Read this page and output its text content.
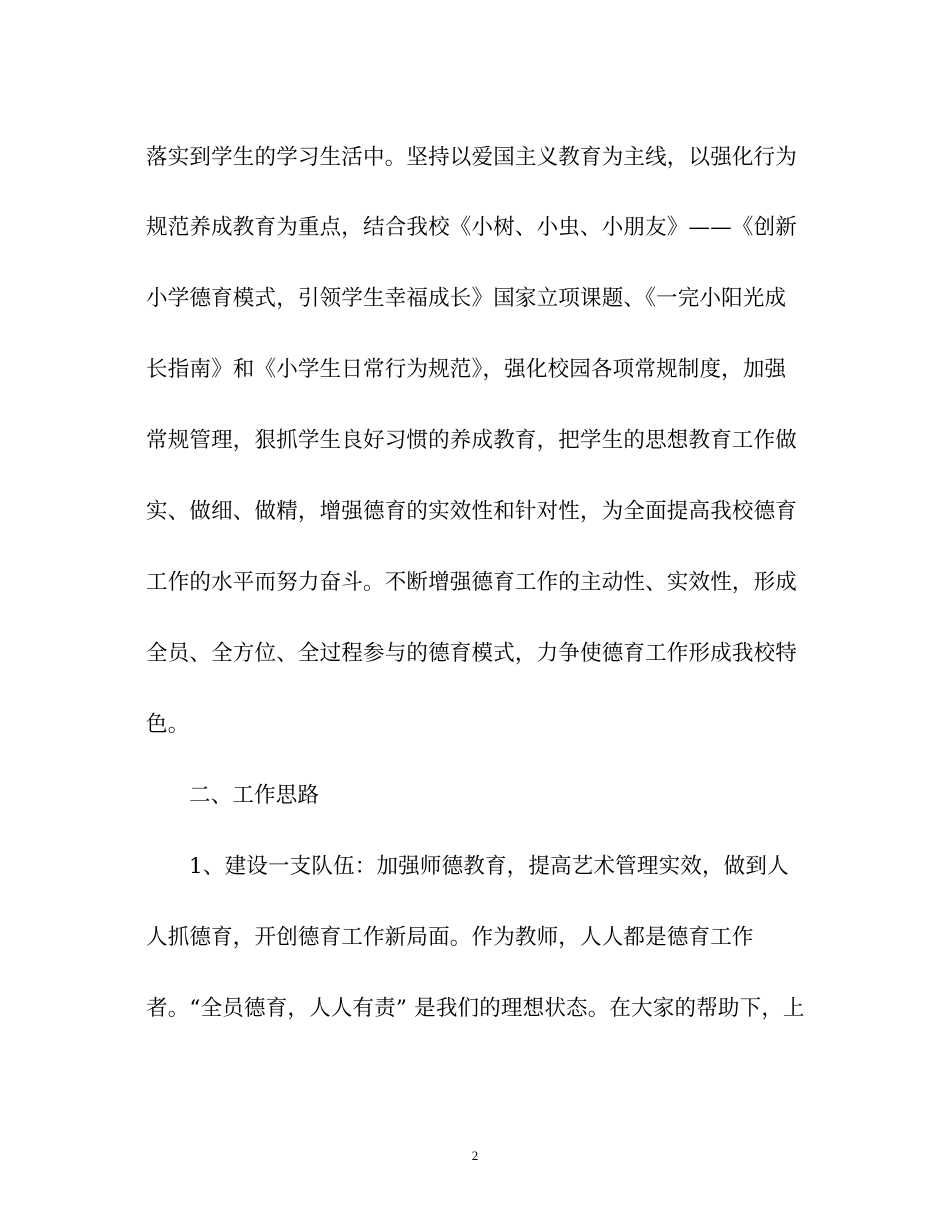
落实到学生的学习生活中。坚持以爱国主义教育为主线，以强化行为
规范养成教育为重点，结合我校《小树、小虫、小朋友》——《创新
小学德育模式，引领学生幸福成长》国家立项课题、《一完小阳光成
长指南》和《小学生日常行为规范》，强化校园各项常规制度，加强
常规管理，狠抓学生良好习惯的养成教育，把学生的思想教育工作做
实、做细、做精，增强德育的实效性和针对性，为全面提高我校德育
工作的水平而努力奋斗。不断增强德育工作的主动性、实效性，形成
全员、全方位、全过程参与的德育模式，力争使德育工作形成我校特
色。
二、工作思路
1、建设一支队伍：加强师德教育，提高艺术管理实效，做到人
人抓德育，开创德育工作新局面。作为教师，人人都是德育工作
者。“全员德育，人人有责” 是我们的理想状态。在大家的帮助下，上
2
